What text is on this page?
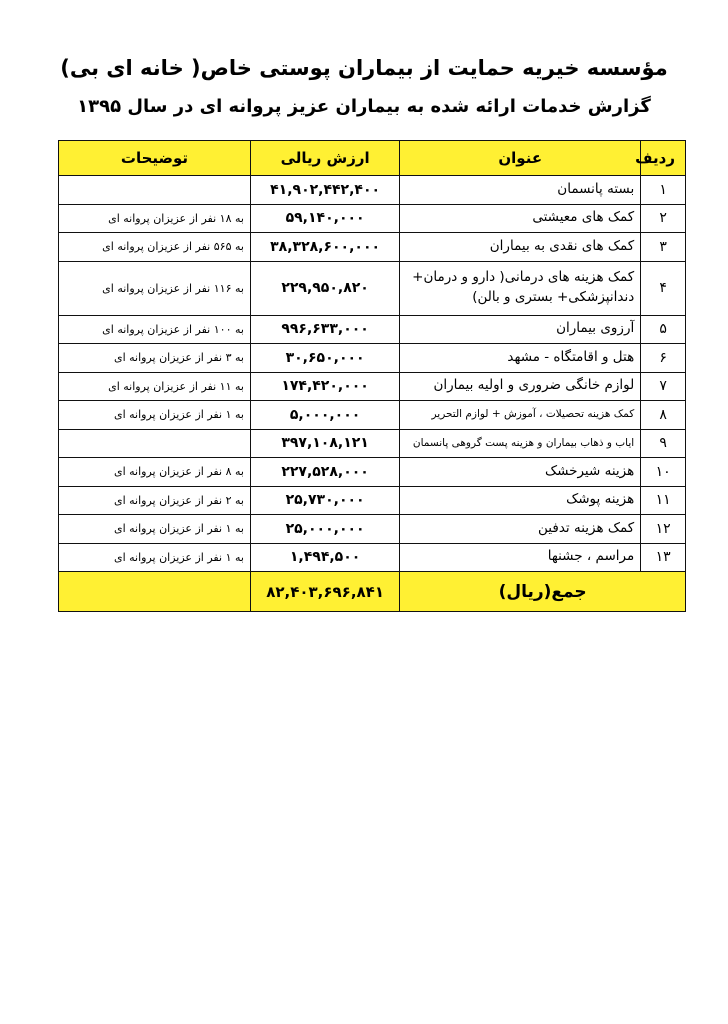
مؤسسه خیریه حمایت از بیماران پوستی خاص( خانه ای بی)
گزارش خدمات ارائه شده به بیماران عزیز پروانه ای در سال ۱۳۹۵
ردیف	عنوان	ارزش ریالی	توضیحات
۱	بسته پانسمان	۴۱,۹۰۲,۴۴۲,۴۰۰	
۲	کمک های معیشتی	۵۹,۱۴۰,۰۰۰	به ۱۸ نفر از عزیزان پروانه ای
۳	کمک های نقدی به بیماران	۳۸,۳۲۸,۶۰۰,۰۰۰	به ۵۶۵ نفر از عزیزان پروانه ای
۴	کمک هزینه های درمانی( دارو و درمان+ دندانپزشکی+ بستری و بالن)	۲۲۹,۹۵۰,۸۲۰	به ۱۱۶ نفر از عزیزان پروانه ای
۵	آرزوی بیماران	۹۹۶,۶۳۳,۰۰۰	به ۱۰۰ نفر از عزیزان پروانه ای
۶	هتل و اقامتگاه - مشهد	۳۰,۶۵۰,۰۰۰	به ۳ نفر از عزیزان پروانه ای
۷	لوازم خانگی ضروری و اولیه بیماران	۱۷۴,۴۲۰,۰۰۰	به ۱۱ نفر از عزیزان پروانه ای
۸	کمک هزینه تحصیلات ، آموزش + لوازم التحریر	۵,۰۰۰,۰۰۰	به ۱ نفر از عزیزان پروانه ای
۹	ایاب و ذهاب بیماران و هزینه پست گروهی پانسمان	۳۹۷,۱۰۸,۱۲۱	
۱۰	هزینه شیرخشک	۲۲۷,۵۲۸,۰۰۰	به ۸ نفر از عزیزان پروانه ای
۱۱	هزینه پوشک	۲۵,۷۳۰,۰۰۰	به ۲ نفر از عزیزان پروانه ای
۱۲	کمک هزینه تدفین	۲۵,۰۰۰,۰۰۰	به ۱ نفر از عزیزان پروانه ای
۱۳	مراسم ، جشنها	۱,۴۹۴,۵۰۰	به ۱ نفر از عزیزان پروانه ای
جمع(ریال)		۸۲,۴۰۳,۶۹۶,۸۴۱	
